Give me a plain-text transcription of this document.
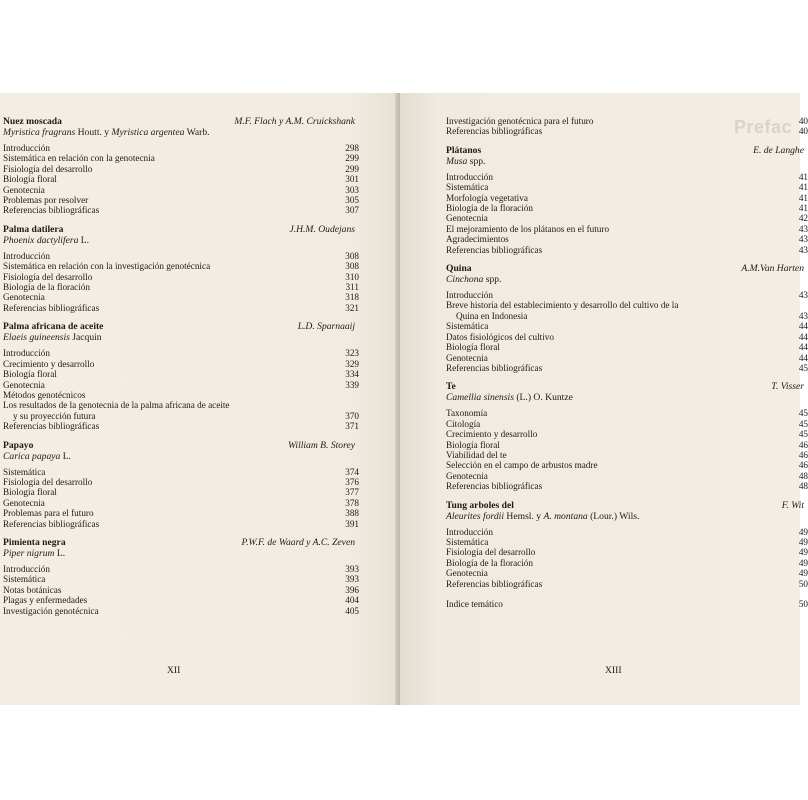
Nuez moscada	M.F. Flach y A.M. Cruickshank
Myristica fragrans Houtt. y Myristica argentea Warb.
Introducción	298
Sistemática en relación con la genotecnia	299
Fisiología del desarrollo	299
Biología floral	301
Genotecnia	303
Problemas por resolver	305
Referencias bibliográficas	307
Palma datilera	J.H.M. Oudejans
Phoenix dactylifera L.
Introducción	308
Sistemática en relación con la investigación genotécnica	308
Fisiología del desarrollo	310
Biología de la floración	311
Genotecnia	318
Referencias bibliográficas	321
Palma africana de aceite	L.D. Sparnaaij
Elaeis guineensis Jacquin
Introducción	323
Crecimiento y desarrollo	329
Biología floral	334
Genotecnia	339
Métodos genotécnicos
Los resultados de la genotecnia de la palma africana de aceite
y su proyección futura	370
Referencias bibliográficas	371
Papayo	William B. Storey
Carica papaya L.
Sistemática	374
Fisiología del desarrollo	376
Biología floral	377
Genotecnia	378
Problemas para el futuro	388
Referencias bibliográficas	391
Pimienta negra	P.W.F. de Waard y A.C. Zeven
Piper nigrum L.
Introducción	393
Sistemática	393
Notas botánicas	396
Plagas y enfermedades	404
Investigación genotécnica	405
XII
Prefac
Investigación genotécnica para el futuro	40
Referencias bibliográficas	40
Plátanos	E. de Langhe
Musa spp.
Introducción	41
Sistemática	41
Morfología vegetativa	41
Biología de la floración	41
Genotecnia	42
El mejoramiento de los plátanos en el futuro	43
Agradecimientos	43
Referencias bibliográficas	43
Quina	A.M.Van Harten
Cinchona spp.
Introducción	43
Breve historia del establecimiento y desarrollo del cultivo de la
Quina en Indonesia	43
Sistemática	44
Datos fisiológicos del cultivo	44
Biología floral	44
Genotecnia	44
Referencias bibliográficas	45
Te	T. Visser
Camellia sinensis (L.) O. Kuntze
Taxonomía	45
Citología	45
Crecimiento y desarrollo	45
Biología floral	46
Viabilidad del te	46
Selección en el campo de arbustos madre	46
Genotecnia	48
Referencias bibliográficas	48
Tung arboles del	F. Wit
Aleurites fordii Hemsl. y A. montana (Lour.) Wils.
Introducción	49
Sistemática	49
Fisiología del desarrollo	49
Biología de la floración	49
Genotecnia	49
Referencias bibliográficas	50
Indice temático	50
XIII
